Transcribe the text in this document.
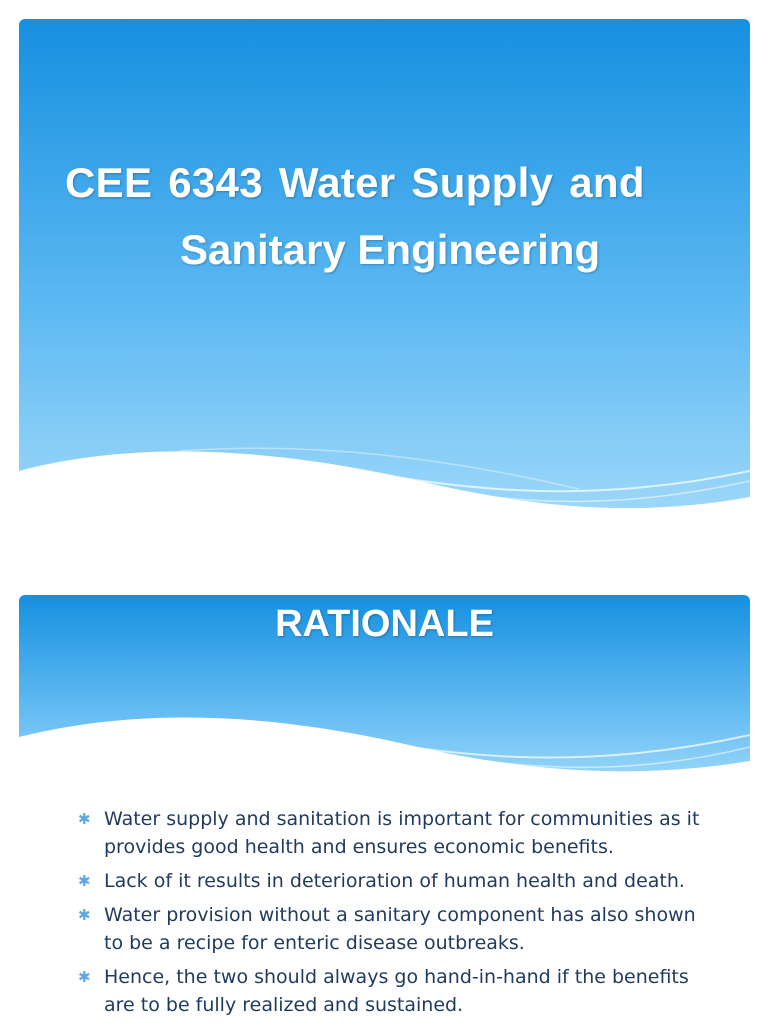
CEE 6343 Water Supply and
Sanitary Engineering
RATIONALE
✱ Water supply and sanitation is important for communities as it provides good health and ensures economic benefits.
✱ Lack of it results in deterioration of human health and death.
✱ Water provision without a sanitary component has also shown to be a recipe for enteric disease outbreaks.
✱ Hence, the two should always go hand-in-hand if the benefits are to be fully realized and sustained.
